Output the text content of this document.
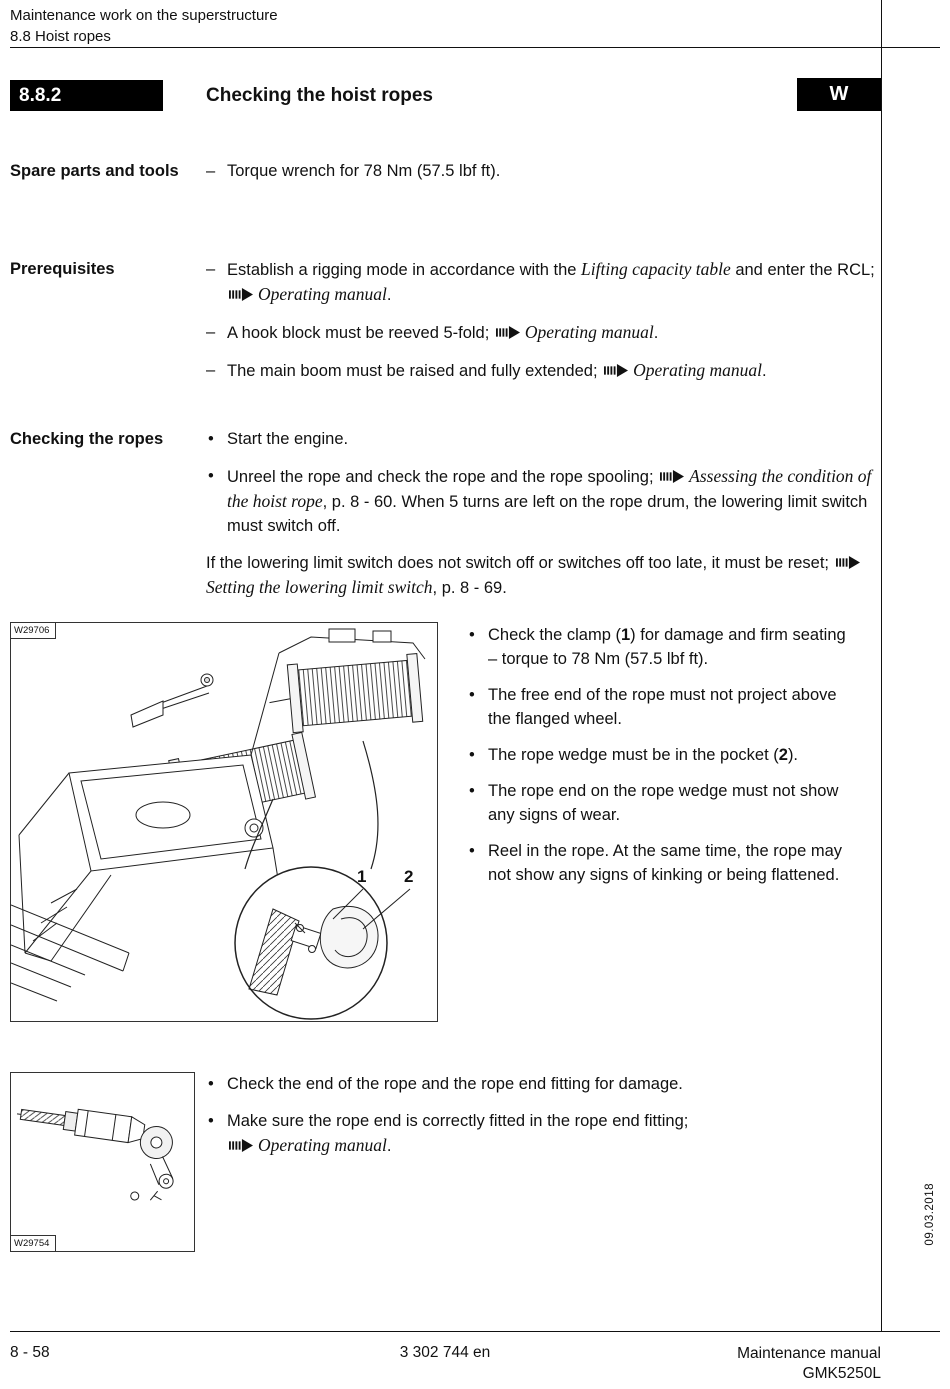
Maintenance work on the superstructure
8.8 Hoist ropes
8.8.2	Checking the hoist ropes	W
Spare parts and tools	– Torque wrench for 78 Nm (57.5 lbf ft).
Prerequisites	– Establish a rigging mode in accordance with the Lifting capacity table and enter the RCL; Operating manual.
– A hook block must be reeved 5-fold; Operating manual.
– The main boom must be raised and fully extended; Operating manual.
Checking the ropes	• Start the engine.
• Unreel the rope and check the rope and the rope spooling; Assessing the condition of the hoist rope, p. 8 - 60. When 5 turns are left on the rope drum, the lowering limit switch must switch off.
If the lowering limit switch does not switch off or switches off too late, it must be reset; Setting the lowering limit switch, p. 8 - 69.
W29706
1 2
• Check the clamp (1) for damage and firm seating – torque to 78 Nm (57.5 lbf ft).
• The free end of the rope must not project above the flanged wheel.
• The rope wedge must be in the pocket (2).
• The rope end on the rope wedge must not show any signs of wear.
• Reel in the rope. At the same time, the rope may not show any signs of kinking or being flattened.
W29754
• Check the end of the rope and the rope end fitting for damage.
• Make sure the rope end is correctly fitted in the rope end fitting;
Operating manual.
09.03.2018
8 - 58	3 302 744 en	Maintenance manual
GMK5250L
